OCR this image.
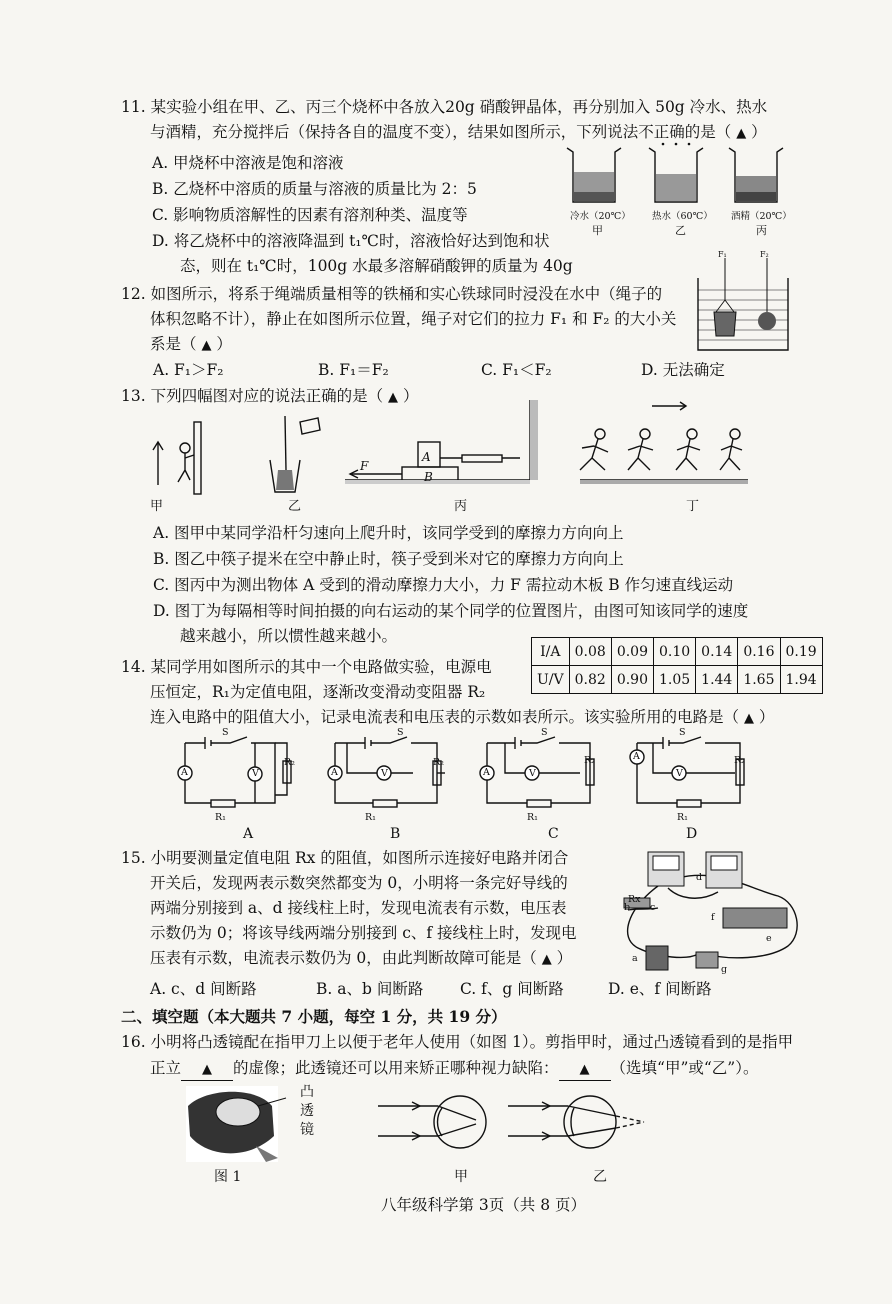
11. 某实验小组在甲、乙、丙三个烧杯中各放入20g 硝酸钾晶体，再分别加入 50g 冷水、热水
与酒精，充分搅拌后（保持各自的温度不变），结果如图所示，下列说法不正确的是（ ▲ ）
A. 甲烧杯中溶液是饱和溶液
B. 乙烧杯中溶质的质量与溶液的质量比为 2：5
C. 影响物质溶解性的因素有溶剂种类、温度等
D. 将乙烧杯中的溶液降温到 t₁℃时，溶液恰好达到饱和状
态，则在 t₁℃时，100g 水最多溶解硝酸钾的质量为 40g
冷水（20℃） 热水（60℃） 酒精（20℃）
甲	乙	丙
12. 如图所示，将系于绳端质量相等的铁桶和实心铁球同时浸没在水中（绳子的
体积忽略不计），静止在如图所示位置，绳子对它们的拉力 F₁ 和 F₂ 的大小关
系是（ ▲ ）
A. F₁＞F₂	B. F₁＝F₂	C. F₁＜F₂	D. 无法确定
F₁	F₂
13. 下列四幅图对应的说法正确的是（ ▲ ）
A
B
F
甲	乙	丙	丁
A. 图甲中某同学沿杆匀速向上爬升时，该同学受到的摩擦力方向向上
B. 图乙中筷子提米在空中静止时，筷子受到米对它的摩擦力方向向上
C. 图丙中为测出物体 A 受到的滑动摩擦力大小，力 F 需拉动木板 B 作匀速直线运动
D. 图丁为每隔相等时间拍摄的向右运动的某个同学的位置图片，由图可知该同学的速度
越来越小，所以惯性越来越小。
I/A	0.08	0.09	0.10	0.14	0.16	0.19
U/V	0.82	0.90	1.05	1.44	1.65	1.94
14. 某同学用如图所示的其中一个电路做实验，电源电
压恒定，R₁为定值电阻，逐渐改变滑动变阻器 R₂
连入电路中的阻值大小，记录电流表和电压表的示数如表所示。该实验所用的电路是（ ▲ ）
A	V
S
R₂
R₁
A	V
S
R₂
R₁
A	V
S
R₂
R₁
A
V
S
R₂
R₁
A	B	C	D
15. 小明要测量定值电阻 Rx 的阻值，如图所示连接好电路并闭合
开关后，发现两表示数突然都变为 0，小明将一条完好导线的
两端分别接到 a、d 接线柱上时，发现电流表有示数，电压表
示数仍为 0；将该导线两端分别接到 c、f 接线柱上时，发现电
压表有示数，电流表示数仍为 0，由此判断故障可能是（ ▲ ）
A. c、d 间断路	B. a、b 间断路 C. f、g 间断路	D. e、f 间断路
a
b c
d
e
f
g
Rx
二、填空题（本大题共 7 小题，每空 1 分，共 19 分）
16. 小明将凸透镜配在指甲刀上以便于老年人使用（如图 1）。剪指甲时，通过凸透镜看到的是指甲
正立 ▲ 的虚像；此透镜还可以用来矫正哪种视力缺陷： ▲ （选填“甲”或“乙”）。
凸
透
镜
图 1	甲	乙
八年级科学第 3页（共 8 页）
